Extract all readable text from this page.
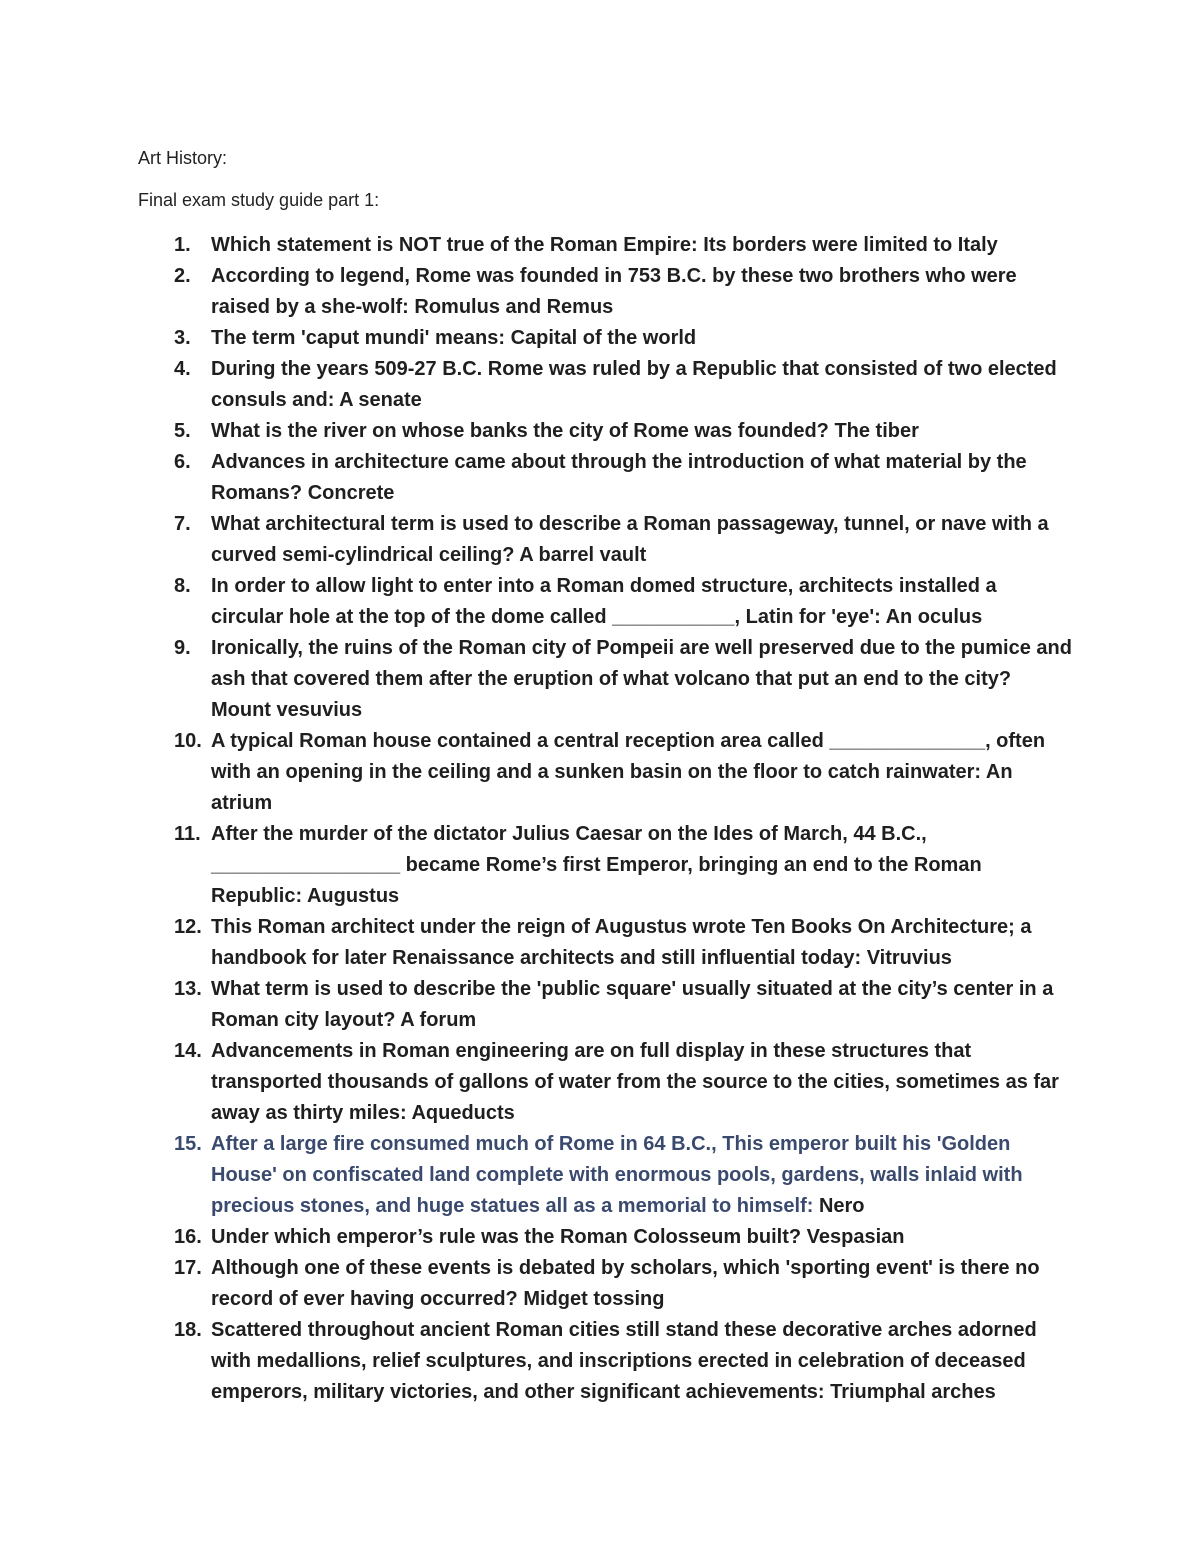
Art History:
Final exam study guide part 1:
1.	Which statement is NOT true of the Roman Empire: Its borders were limited to Italy
2.	According to legend, Rome was founded in 753 B.C. by these two brothers who were raised by a she-wolf: Romulus and Remus
3.	The term 'caput mundi' means: Capital of the world
4.	During the years 509-27 B.C. Rome was ruled by a Republic that consisted of two elected consuls and: A senate
5.	What is the river on whose banks the city of Rome was founded? The tiber
6.	Advances in architecture came about through the introduction of what material by the Romans? Concrete
7.	What architectural term is used to describe a Roman passageway, tunnel, or nave with a curved semi-cylindrical ceiling? A barrel vault
8.	In order to allow light to enter into a Roman domed structure, architects installed a circular hole at the top of the dome called ___________, Latin for 'eye': An oculus
9.	Ironically, the ruins of the Roman city of Pompeii are well preserved due to the pumice and ash that covered them after the eruption of what volcano that put an end to the city? Mount vesuvius
10. A typical Roman house contained a central reception area called ______________, often with an opening in the ceiling and a sunken basin on the floor to catch rainwater: An atrium
11. After the murder of the dictator Julius Caesar on the Ides of March, 44 B.C., _________________ became Rome’s first Emperor, bringing an end to the Roman Republic: Augustus
12. This Roman architect under the reign of Augustus wrote Ten Books On Architecture; a handbook for later Renaissance architects and still influential today: Vitruvius
13. What term is used to describe the 'public square' usually situated at the city’s center in a Roman city layout? A forum
14. Advancements in Roman engineering are on full display in these structures that transported thousands of gallons of water from the source to the cities, sometimes as far away as thirty miles: Aqueducts
15. After a large fire consumed much of Rome in 64 B.C., This emperor built his 'Golden House' on confiscated land complete with enormous pools, gardens, walls inlaid with precious stones, and huge statues all as a memorial to himself: Nero
16. Under which emperor’s rule was the Roman Colosseum built? Vespasian
17. Although one of these events is debated by scholars, which 'sporting event' is there no record of ever having occurred? Midget tossing
18. Scattered throughout ancient Roman cities still stand these decorative arches adorned with medallions, relief sculptures, and inscriptions erected in celebration of deceased emperors, military victories, and other significant achievements: Triumphal arches
